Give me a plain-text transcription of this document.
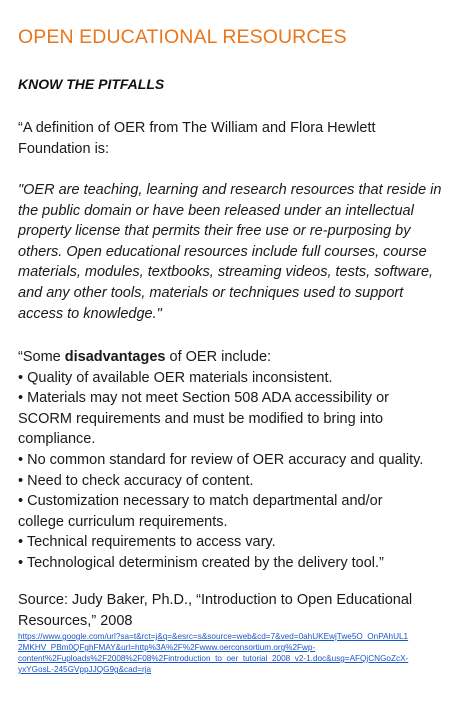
OPEN EDUCATIONAL RESOURCES
KNOW THE PITFALLS
“A definition of OER from The William and Flora Hewlett
Foundation is:
"OER are teaching, learning and research resources that reside in
the public domain or have been released under an intellectual
property license that permits their free use or re-purposing by
others. Open educational resources include full courses, course
materials, modules, textbooks, streaming videos, tests, software,
and any other tools, materials or techniques used to support
access to knowledge."
“Some disadvantages of OER include:
• Quality of available OER materials inconsistent.
• Materials may not meet Section 508 ADA accessibility or
SCORM requirements and must be modified to bring into
compliance.
• No common standard for review of OER accuracy and quality.
• Need to check accuracy of content.
• Customization necessary to match departmental and/or
college curriculum requirements.
• Technical requirements to access vary.
• Technological determinism created by the delivery tool.”
Source: Judy Baker, Ph.D., “Introduction to Open Educational
Resources,” 2008
https://www.google.com/url?sa=t&rct=j&q=&esrc=s&source=web&cd=7&ved=0ahUKEwjTwe5O_OnPAhUL1
2MKHV_PBm0QFghFMAY&url=http%3A%2F%2Fwww.oerconsortium.org%2Fwp-
content%2Fuploads%2F2008%2F08%2Fintroduction_to_oer_tutorial_2008_v2-1.doc&usg=AFQjCNGoZcX-
yxYGosL-245GVppJJQG9g&cad=rja
